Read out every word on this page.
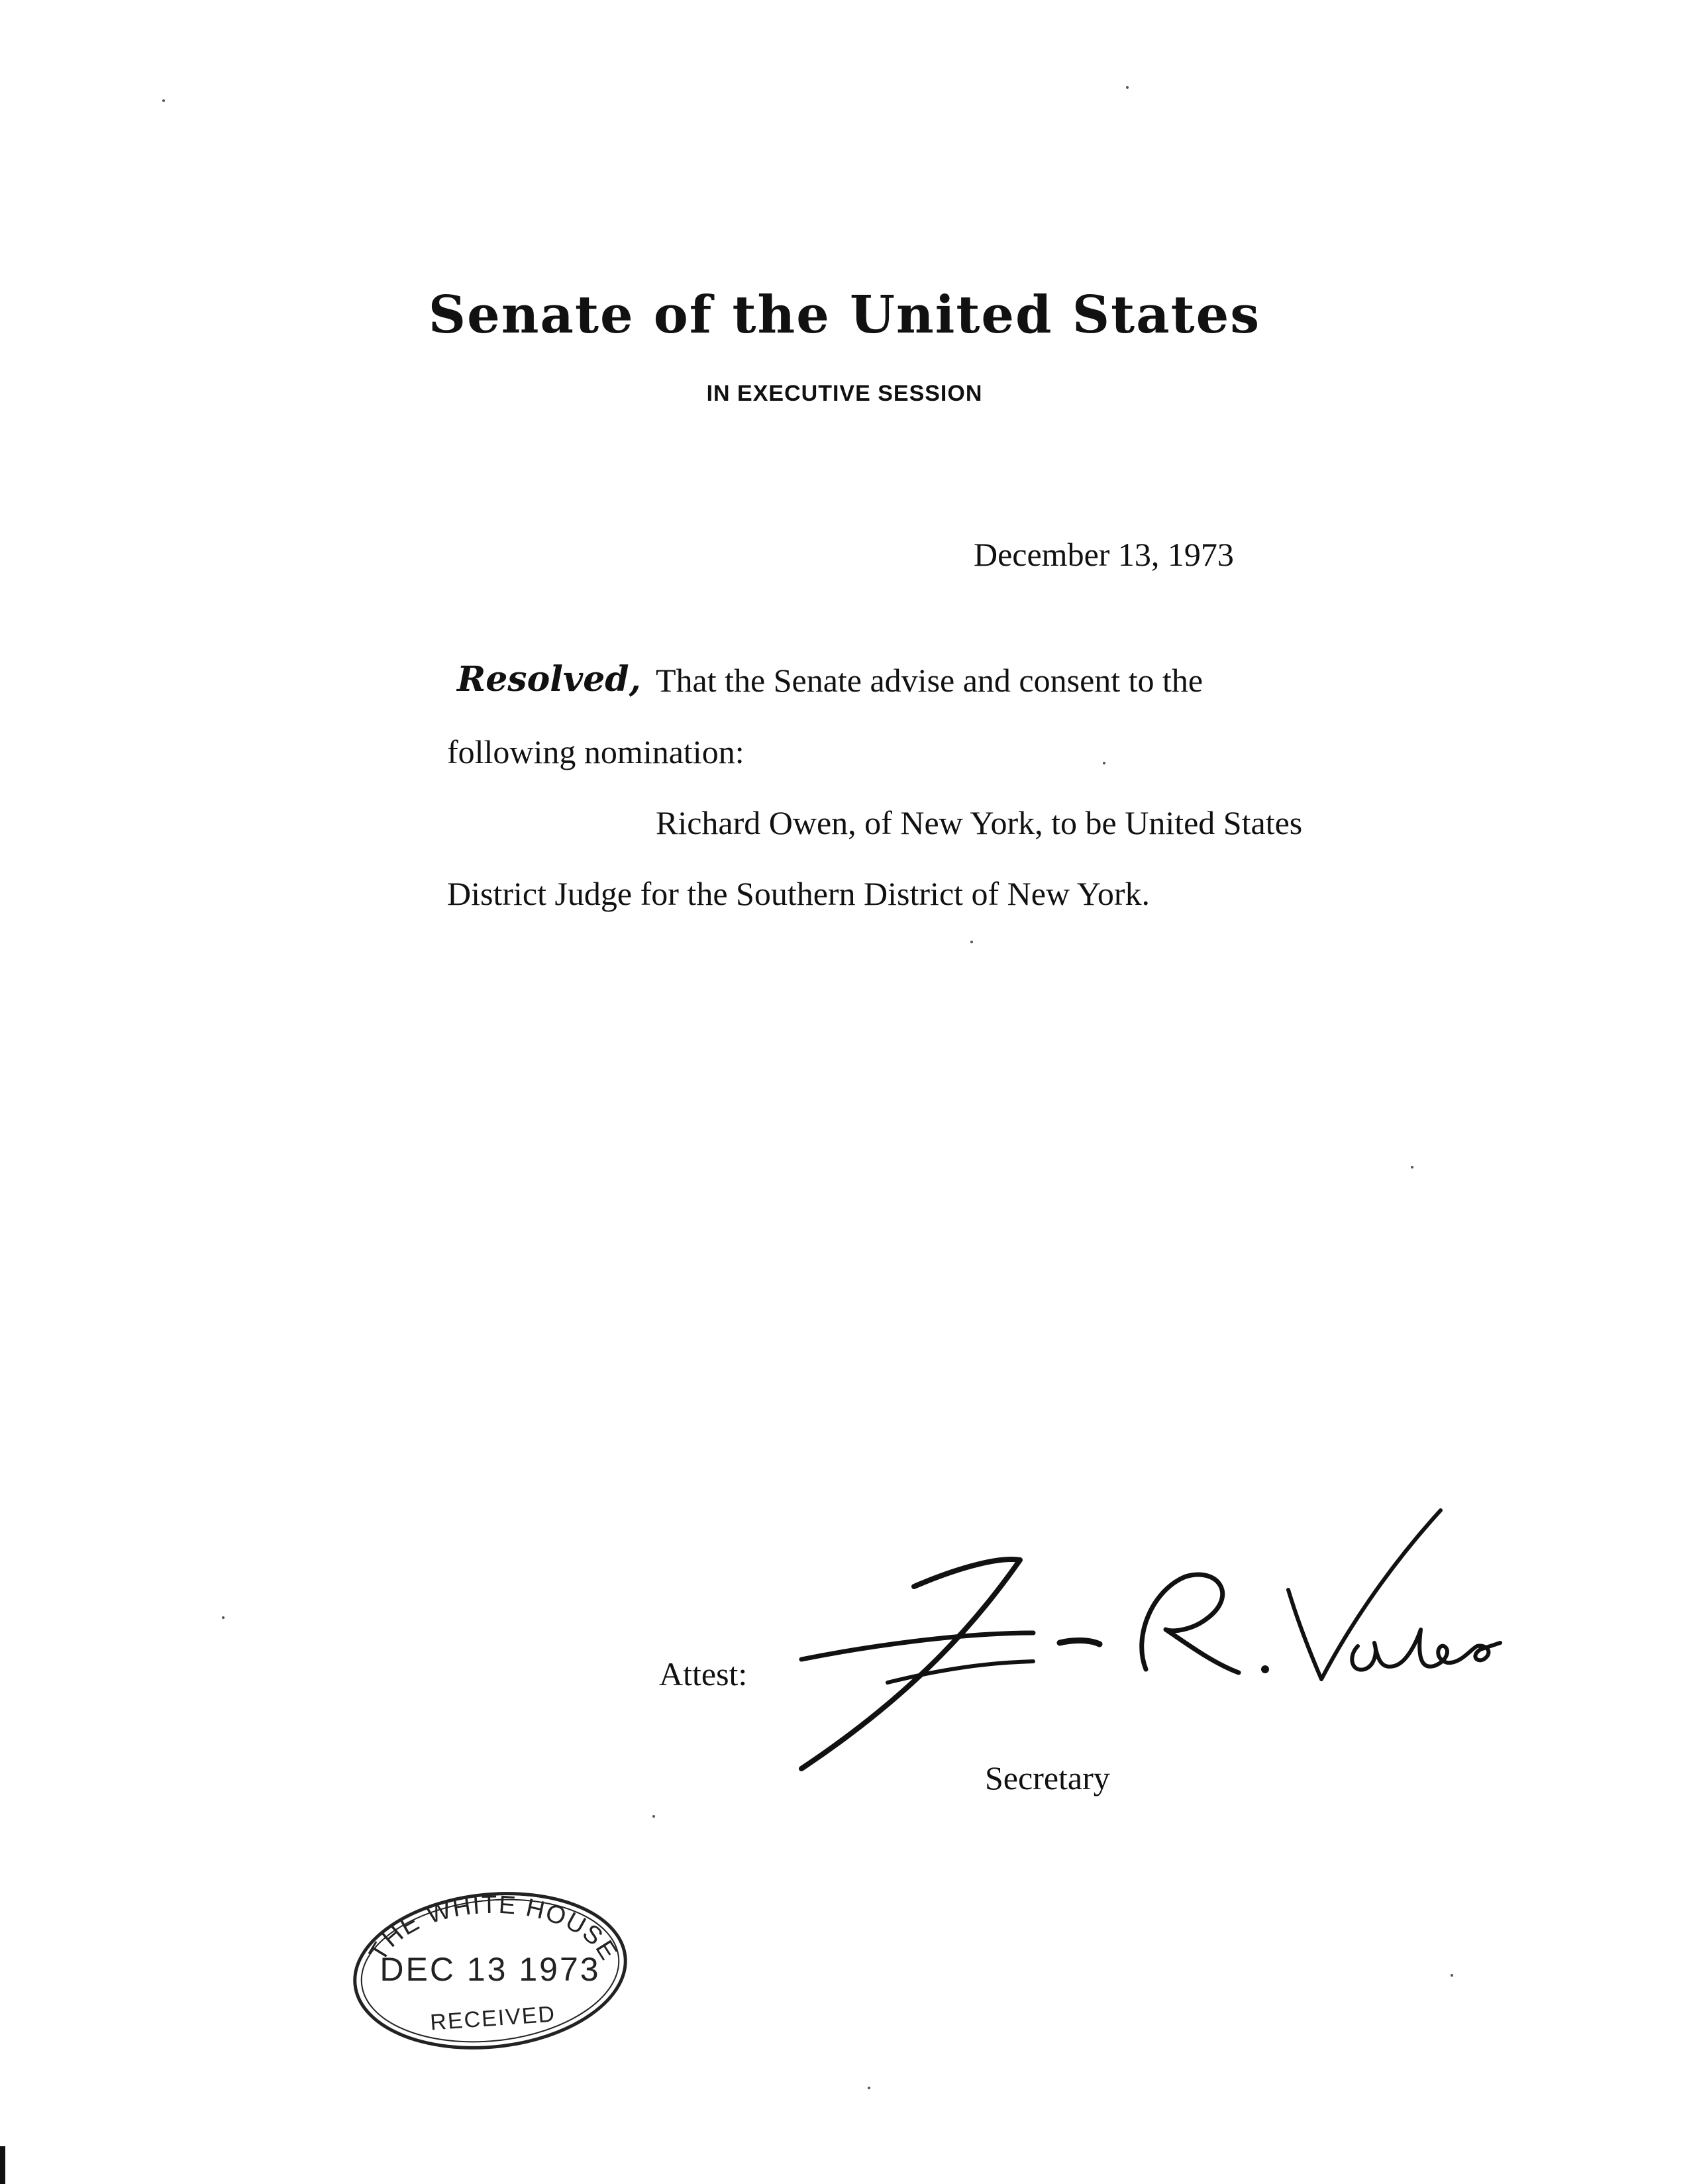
Senate of the United States
IN EXECUTIVE SESSION
December 13, 1973
Resolved, That the Senate advise and consent to the
following nomination:
Richard Owen, of New York, to be United States
District Judge for the Southern District of New York.
Attest:
Secretary
THE WHITE HOUSE
DEC 13 1973
RECEIVED
